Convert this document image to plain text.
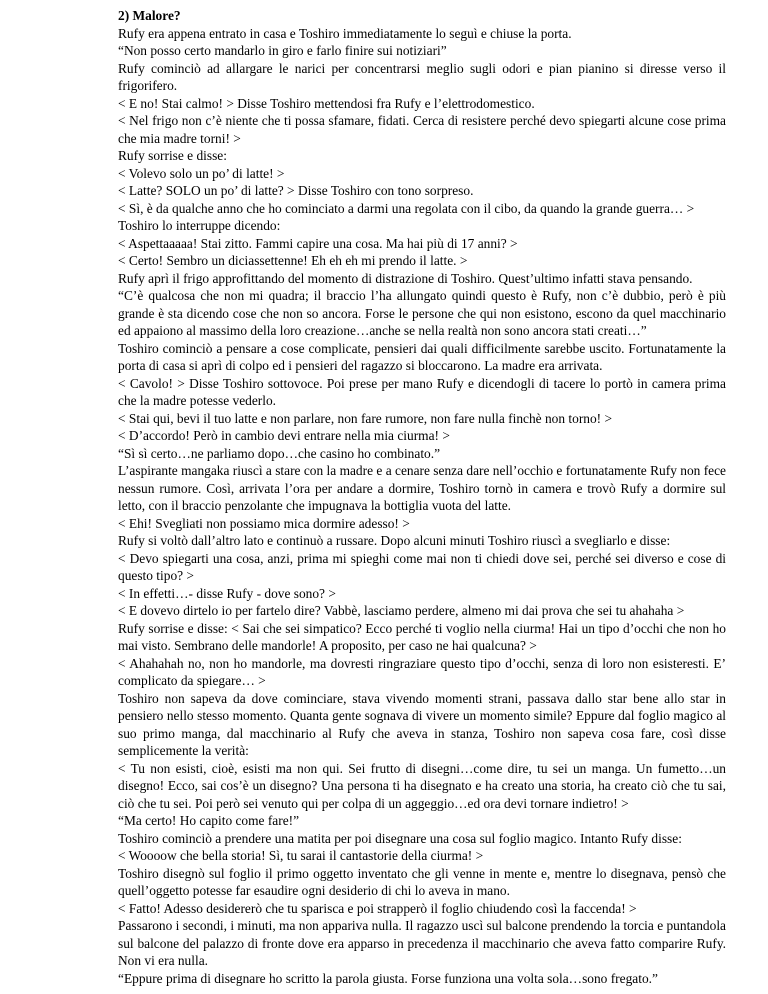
2) Malore?

Rufy era appena entrato in casa e Toshiro immediatamente lo seguì e chiuse la porta.

“Non posso certo mandarlo in giro e farlo finire sui notiziari”

Rufy cominciò ad allargare le narici per concentrarsi meglio sugli odori e pian pianino si diresse verso il frigorifero.

< E no! Stai calmo! > Disse Toshiro mettendosi fra Rufy e l’elettrodomestico.

< Nel frigo non c’è niente che ti possa sfamare, fidati. Cerca di resistere perché devo spiegarti alcune cose prima che mia madre torni! >

Rufy sorrise e disse:

< Volevo solo un po’ di latte! >

< Latte? SOLO un po’ di latte? > Disse Toshiro con tono sorpreso.

< Sì, è da qualche anno che ho cominciato a darmi una regolata con il cibo, da quando la grande guerra… >

Toshiro lo interruppe dicendo:

< Aspettaaaaa! Stai zitto. Fammi capire una cosa. Ma hai più di 17 anni? >

< Certo! Sembro un diciassettenne! Eh eh eh mi prendo il latte. >

Rufy aprì il frigo approfittando del momento di distrazione di Toshiro. Quest’ultimo infatti stava pensando.

“C’è qualcosa che non mi quadra; il braccio l’ha allungato quindi questo è Rufy, non c’è dubbio, però è più grande è sta dicendo cose che non so ancora. Forse le persone che qui non esistono, escono da quel macchinario ed appaiono al massimo della loro creazione…anche se nella realtà non sono ancora stati creati…”

Toshiro cominciò a pensare a cose complicate, pensieri dai quali difficilmente sarebbe uscito. Fortunatamente la porta di casa si aprì di colpo ed i pensieri del ragazzo si bloccarono. La madre era arrivata.

< Cavolo! > Disse Toshiro sottovoce. Poi prese per mano Rufy e dicendogli di tacere lo portò in camera prima che la madre potesse vederlo.

< Stai qui, bevi il tuo latte e non parlare, non fare rumore, non fare nulla finchè non torno! >

< D’accordo! Però in cambio devi entrare nella mia ciurma! >

“Sì sì certo…ne parliamo dopo…che casino ho combinato.”

L’aspirante mangaka riuscì a stare con la madre e a cenare senza dare nell’occhio e fortunatamente Rufy non fece nessun rumore. Così, arrivata l’ora per andare a dormire, Toshiro tornò in camera e trovò Rufy a dormire sul letto, con il braccio penzolante che impugnava la bottiglia vuota del latte.

< Ehi! Svegliati non possiamo mica dormire adesso! >

Rufy si voltò dall’altro lato e continuò a russare. Dopo alcuni minuti Toshiro riuscì a svegliarlo e disse:

< Devo spiegarti una cosa, anzi, prima mi spieghi come mai non ti chiedi dove sei, perché sei diverso e cose di questo tipo? >

< In effetti…- disse Rufy - dove sono? >

< E dovevo dirtelo io per fartelo dire? Vabbè, lasciamo perdere, almeno mi dai prova che sei tu ahahaha >

Rufy sorrise e disse: < Sai che sei simpatico? Ecco perché ti voglio nella ciurma! Hai un tipo d’occhi che non ho mai visto. Sembrano delle mandorle! A proposito, per caso ne hai qualcuna? >

< Ahahahah no, non ho mandorle, ma dovresti ringraziare questo tipo d’occhi, senza di loro non esisteresti. E’ complicato da spiegare… >

Toshiro non sapeva da dove cominciare, stava vivendo momenti strani, passava dallo star bene allo star in pensiero nello stesso momento. Quanta gente sognava di vivere un momento simile? Eppure dal foglio magico al suo primo manga, dal macchinario al Rufy che aveva in stanza, Toshiro non sapeva cosa fare, così disse semplicemente la verità:

< Tu non esisti, cioè, esisti ma non qui. Sei frutto di disegni…come dire, tu sei un manga. Un fumetto…un disegno! Ecco, sai cos’è un disegno? Una persona ti ha disegnato e ha creato una storia, ha creato ciò che tu sai, ciò che tu sei. Poi però sei venuto qui per colpa di un aggeggio…ed ora devi tornare indietro! >

“Ma certo! Ho capito come fare!”

Toshiro cominciò a prendere una matita per poi disegnare una cosa sul foglio magico. Intanto Rufy disse:

< Woooow che bella storia! Sì, tu sarai il cantastorie della ciurma! >

Toshiro disegnò sul foglio il primo oggetto inventato che gli venne in mente e, mentre lo disegnava, pensò che quell’oggetto potesse far esaudire ogni desiderio di chi lo aveva in mano.

< Fatto! Adesso desidererò che tu sparisca e poi strapperò il foglio chiudendo così la faccenda! >

Passarono i secondi, i minuti, ma non appariva nulla. Il ragazzo uscì sul balcone prendendo la torcia e puntandola sul balcone del palazzo di fronte dove era apparso in precedenza il macchinario che aveva fatto comparire Rufy. Non vi era nulla.

“Eppure prima di disegnare ho scritto la parola giusta. Forse funziona una volta sola…sono fregato.”
